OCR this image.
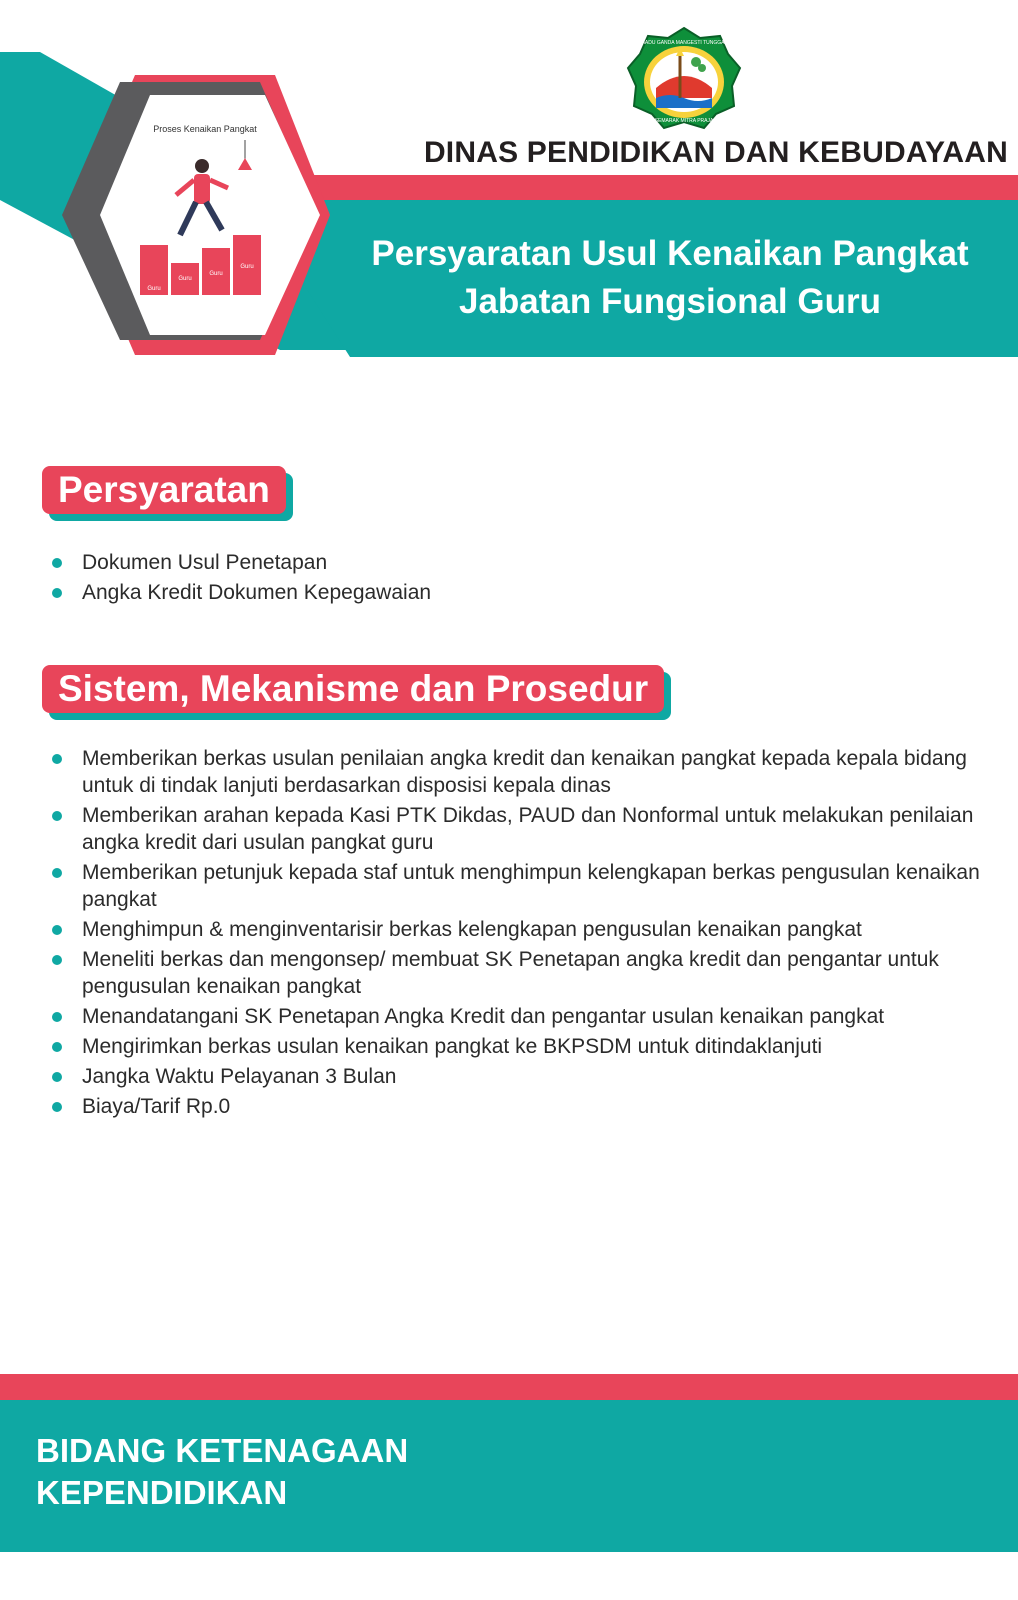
Proses Kenaikan Pangkat
Guru
Guru
Guru
Guru
SEMARAK MITRA PRAJA
MADU GANDA MANGESTI TUNGGAL
DINAS PENDIDIKAN DAN KEBUDAYAAN
Persyaratan Usul Kenaikan Pangkat
Jabatan Fungsional Guru
Persyaratan
Dokumen Usul Penetapan
Angka Kredit Dokumen Kepegawaian
Sistem, Mekanisme dan Prosedur
Memberikan berkas usulan penilaian angka kredit dan kenaikan pangkat kepada kepala bidang untuk di tindak lanjuti berdasarkan disposisi kepala dinas
Memberikan arahan kepada Kasi PTK Dikdas, PAUD dan Nonformal untuk melakukan penilaian angka kredit dari usulan pangkat guru
Memberikan petunjuk kepada staf untuk menghimpun kelengkapan berkas pengusulan kenaikan pangkat
Menghimpun & menginventarisir berkas kelengkapan pengusulan kenaikan pangkat
Meneliti berkas dan mengonsep/ membuat SK Penetapan angka kredit dan pengantar untuk pengusulan kenaikan pangkat
Menandatangani SK Penetapan Angka Kredit dan pengantar usulan kenaikan pangkat
Mengirimkan berkas usulan kenaikan pangkat ke BKPSDM untuk ditindaklanjuti
Jangka Waktu Pelayanan 3 Bulan
Biaya/Tarif Rp.0
BIDANG KETENAGAAN
KEPENDIDIKAN
